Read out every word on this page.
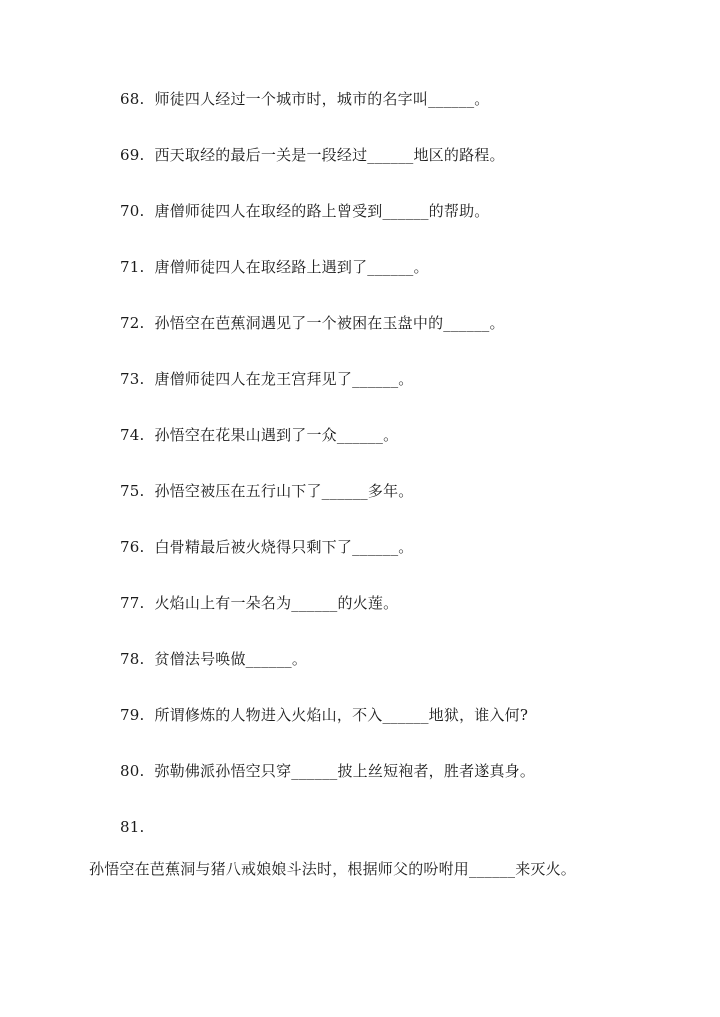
68. 师徒四人经过一个城市时，城市的名字叫______。
69. 西天取经的最后一关是一段经过______地区的路程。
70. 唐僧师徒四人在取经的路上曾受到______的帮助。
71. 唐僧师徒四人在取经路上遇到了______。
72. 孙悟空在芭蕉洞遇见了一个被困在玉盘中的______。
73. 唐僧师徒四人在龙王宫拜见了______。
74. 孙悟空在花果山遇到了一众______。
75. 孙悟空被压在五行山下了______多年。
76. 白骨精最后被火烧得只剩下了______。
77. 火焰山上有一朵名为______的火莲。
78. 贫僧法号唤做______。
79. 所谓修炼的人物进入火焰山，不入______地狱，谁入何?
80. 弥勒佛派孙悟空只穿______披上丝短袍者，胜者遂真身。
81.
孙悟空在芭蕉洞与猪八戒娘娘斗法时，根据师父的吩咐用______来灭火。
